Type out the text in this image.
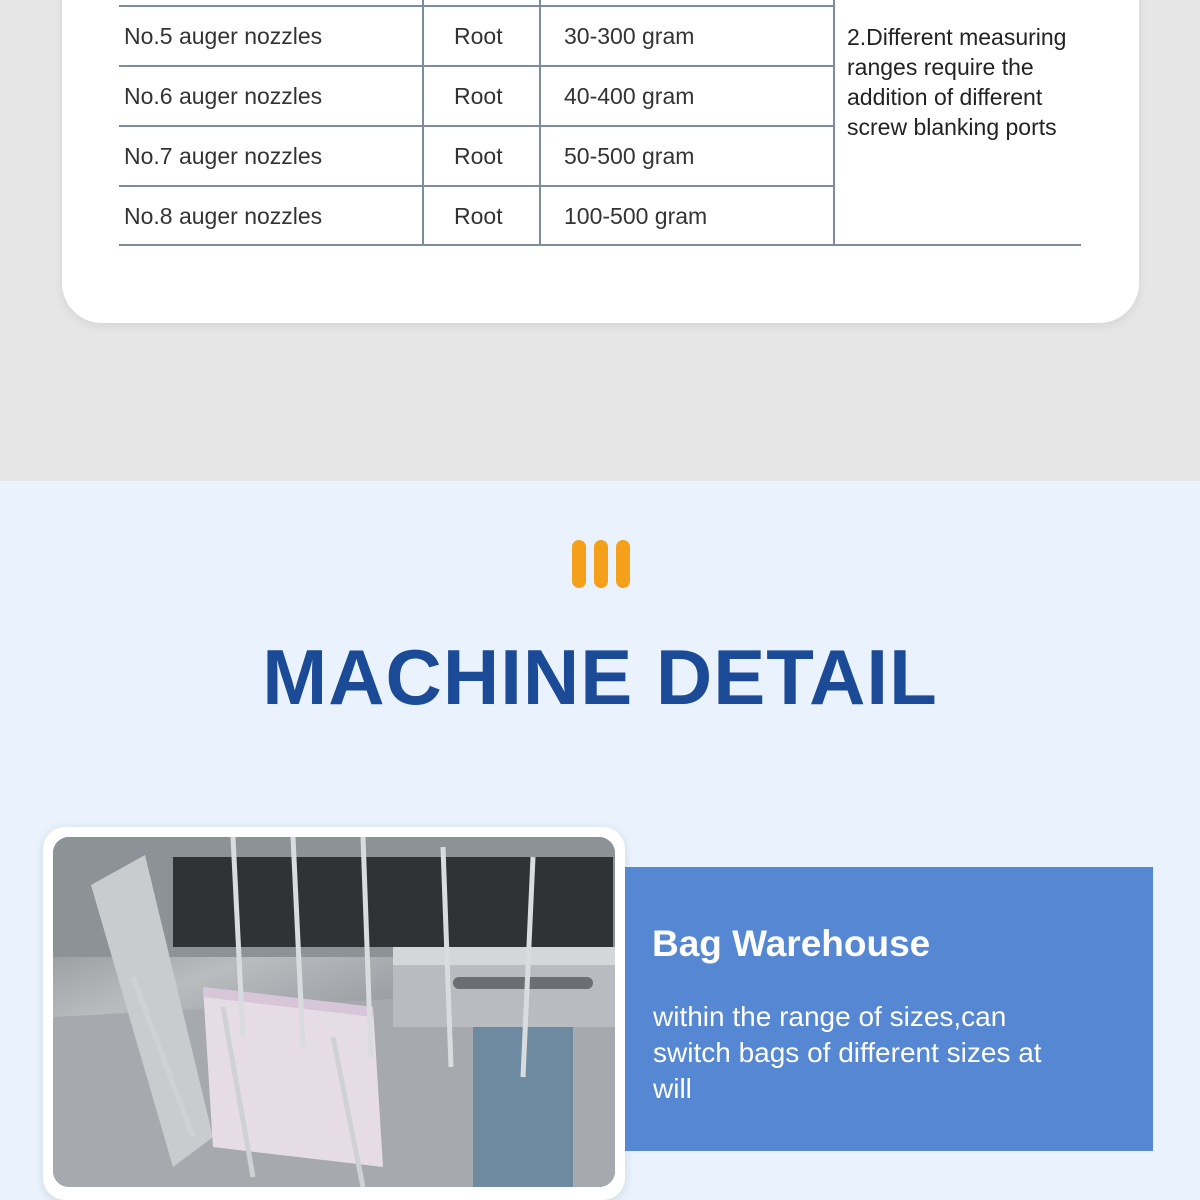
No.5 auger nozzles	Root	30-300 gram
No.6 auger nozzles	Root	40-400 gram
No.7 auger nozzles	Root	50-500 gram
No.8 auger nozzles	Root	100-500 gram
2.Different measuring ranges require the addition of different screw blanking ports
MACHINE DETAIL
Bag Warehouse

within the range of sizes,can switch bags of different sizes at will
